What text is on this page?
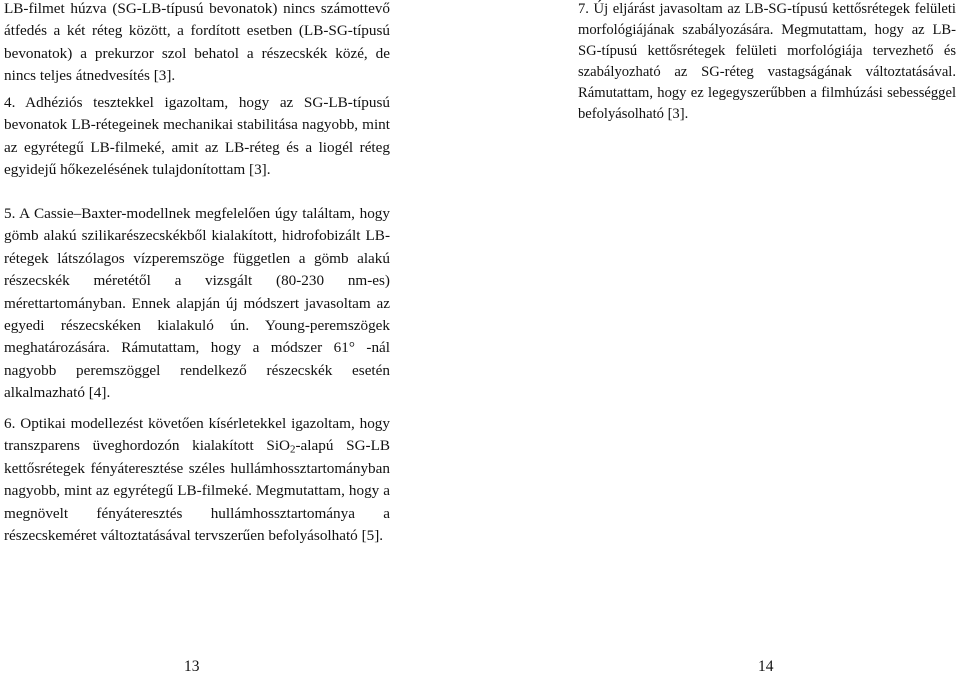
LB-filmet húzva (SG-LB-típusú bevonatok) nincs számottevő átfedés a két réteg között, a fordított esetben (LB-SG-típusú bevonatok) a prekurzor szol behatol a részecskék közé, de nincs teljes átnedvesítés [3].

4. Adhéziós tesztekkel igazoltam, hogy az SG-LB-típusú bevonatok LB-rétegeinek mechanikai stabilitása nagyobb, mint az egyrétegű LB-filmeké, amit az LB-réteg és a liogél réteg egyidejű hőkezelésének tulajdonítottam [3].

5. A Cassie–Baxter-modellnek megfelelően úgy találtam, hogy gömb alakú szilikarészecskékből kialakított, hidrofobizált LB-rétegek látszólagos vízperemszöge független a gömb alakú részecskék méretétől a vizsgált (80-230 nm-es) mérettartományban. Ennek alapján új módszert javasoltam az egyedi részecskéken kialakuló ún. Young-peremszögek meghatározására. Rámutattam, hogy a módszer 61° -nál nagyobb peremszöggel rendelkező részecskék esetén alkalmazható [4].

6. Optikai modellezést követően kísérletekkel igazoltam, hogy transzparens üveghordozón kialakított SiO$_2$-alapú SG-LB kettősrétegek fényáteresztése széles hullámhossztartományban nagyobb, mint az egyrétegű LB-filmeké. Megmutattam, hogy a megnövelt fényáteresztés hullámhossztartománya a részecskeméret változtatásával tervszerűen befolyásolható [5].

7. Új eljárást javasoltam az LB-SG-típusú kettősrétegek felületi morfológiájának szabályozására. Megmutattam, hogy az LB-SG-típusú kettősrétegek felületi morfológiája tervezhető és szabályozható az SG-réteg vastagságának változtatásával. Rámutattam, hogy ez legegyszerűbben a filmhúzási sebességgel befolyásolható [3].

13	14
